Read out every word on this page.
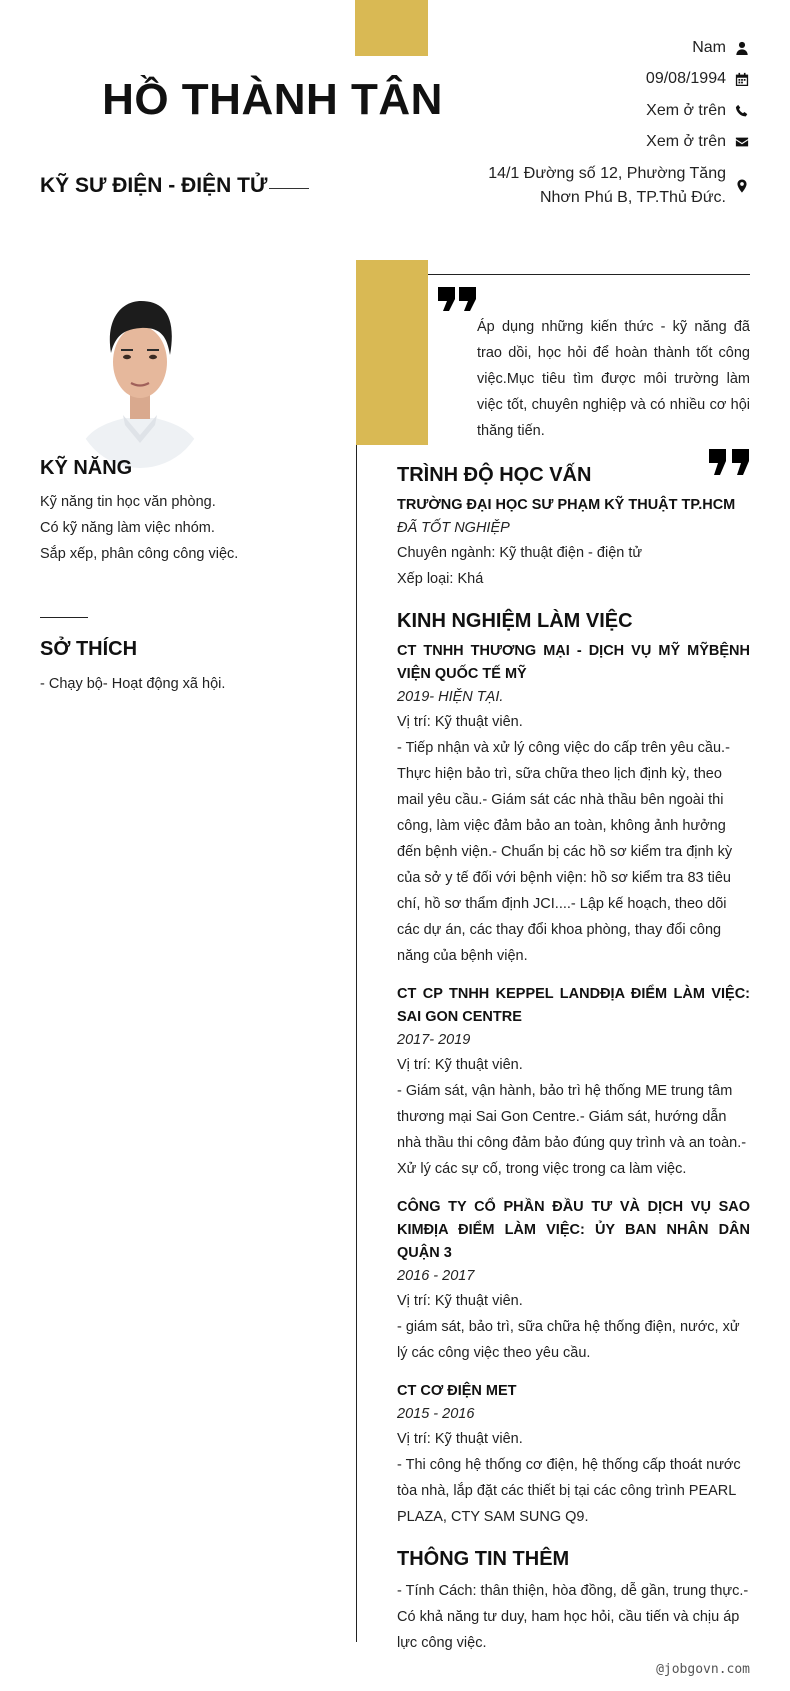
HỒ THÀNH TÂN
KỸ SƯ ĐIỆN - ĐIỆN TỬ
Nam
09/08/1994
Xem ở trên
Xem ở trên
14/1 Đường số 12, Phường Tăng
Nhơn Phú B, TP.Thủ Đức.
Áp dụng những kiến thức - kỹ năng đã trao dồi, học hỏi để hoàn thành tốt công việc.Mục tiêu tìm được môi trường làm việc tốt, chuyên nghiệp và có nhiều cơ hội thăng tiến.
KỸ NĂNG
Kỹ năng tin học văn phòng.
Có kỹ năng làm việc nhóm.
Sắp xếp, phân công công việc.
SỞ THÍCH
- Chạy bộ- Hoạt động xã hội.
TRÌNH ĐỘ HỌC VẤN
TRƯỜNG ĐẠI HỌC SƯ PHẠM KỸ THUẬT TP.HCM
ĐÃ TỐT NGHIỆP
Chuyên ngành: Kỹ thuật điện - điện tử
Xếp loại: Khá
KINH NGHIỆM LÀM VIỆC
CT TNHH THƯƠNG MẠI - DỊCH VỤ MỸ MỸBỆNH VIỆN QUỐC TẾ MỸ
2019- HIỆN TẠI.
Vị trí: Kỹ thuật viên.
- Tiếp nhận và xử lý công việc do cấp trên yêu cầu.- Thực hiện bảo trì, sữa chữa theo lịch định kỳ, theo mail yêu cầu.- Giám sát các nhà thầu bên ngoài thi công, làm việc đảm bảo an toàn, không ảnh hưởng đến bệnh viện.- Chuẩn bị các hồ sơ kiểm tra định kỳ của sở y tế đối với bệnh viện: hồ sơ kiểm tra 83 tiêu chí, hồ sơ thẩm định JCI....- Lập kế hoạch, theo dõi các dự án, các thay đổi khoa phòng, thay đổi công năng của bệnh viện.
CT CP TNHH KEPPEL LANDĐỊA ĐIỂM LÀM VIỆC: SAI GON CENTRE
2017- 2019
Vị trí: Kỹ thuật viên.
- Giám sát, vận hành, bảo trì hệ thống ME trung tâm thương mại Sai Gon Centre.- Giám sát, hướng dẫn nhà thầu thi công đảm bảo đúng quy trình và an toàn.- Xử lý các sự cố, trong việc trong ca làm việc.
CÔNG TY CỔ PHẦN ĐẦU TƯ VÀ DỊCH VỤ SAO KIMĐỊA ĐIỂM LÀM VIỆC: ỦY BAN NHÂN DÂN QUẬN 3
2016 - 2017
Vị trí: Kỹ thuật viên.
- giám sát, bảo trì, sữa chữa hệ thống điện, nước, xử lý các công việc theo yêu cầu.
CT CƠ ĐIỆN MET
2015 - 2016
Vị trí: Kỹ thuật viên.
- Thi công hệ thống cơ điện, hệ thống cấp thoát nước tòa nhà, lắp đặt các thiết bị tại các công trình PEARL PLAZA, CTY SAM SUNG Q9.
THÔNG TIN THÊM
- Tính Cách: thân thiện, hòa đồng, dễ gần, trung thực.- Có khả năng tư duy, ham học hỏi, cầu tiến và chịu áp lực công việc.
@jobgovn.com
